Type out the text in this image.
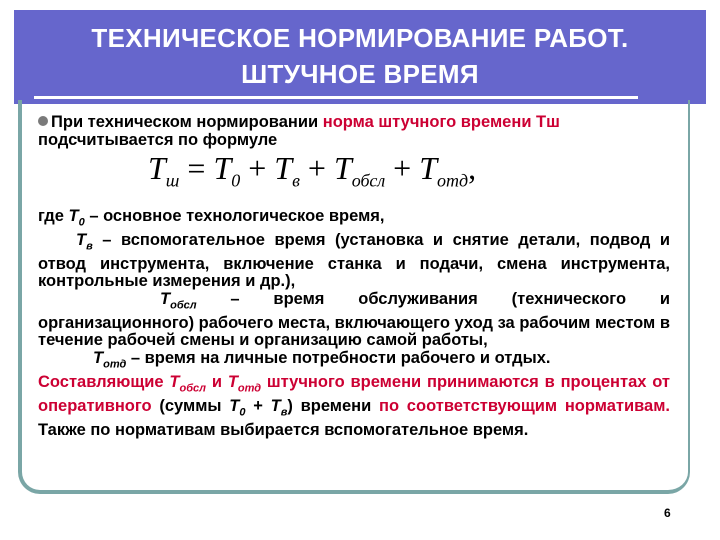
ТЕХНИЧЕСКОЕ НОРМИРОВАНИЕ РАБОТ.
ШТУЧНОЕ ВРЕМЯ
При техническом нормировании норма штучного времени Тш
подсчитывается по формуле
$T_ш = T_0 + T_в + T_{обсл} + T_{отд}$,

где $Т_0$ – основное технологическое время,

$Т_в$ – вспомогательное время (установка и снятие детали, подвод и отвод инструмента, включение станка и подачи, смена инструмента, контрольные измерения и др.),

$Т_{обсл}$ – время обслуживания (технического и организационного) рабочего места, включающего уход за рабочим местом в течение рабочей смены и организацию самой работы,

$Т_{отд}$ – время на личные потребности рабочего и отдых.

Составляющие $Т_{обсл}$ и $Т_{отд}$ штучного времени принимаются в процентах от оперативного (суммы $Т_0 + Т_в$) времени по соответствующим нормативам. Также по нормативам выбирается вспомогательное время.

6
